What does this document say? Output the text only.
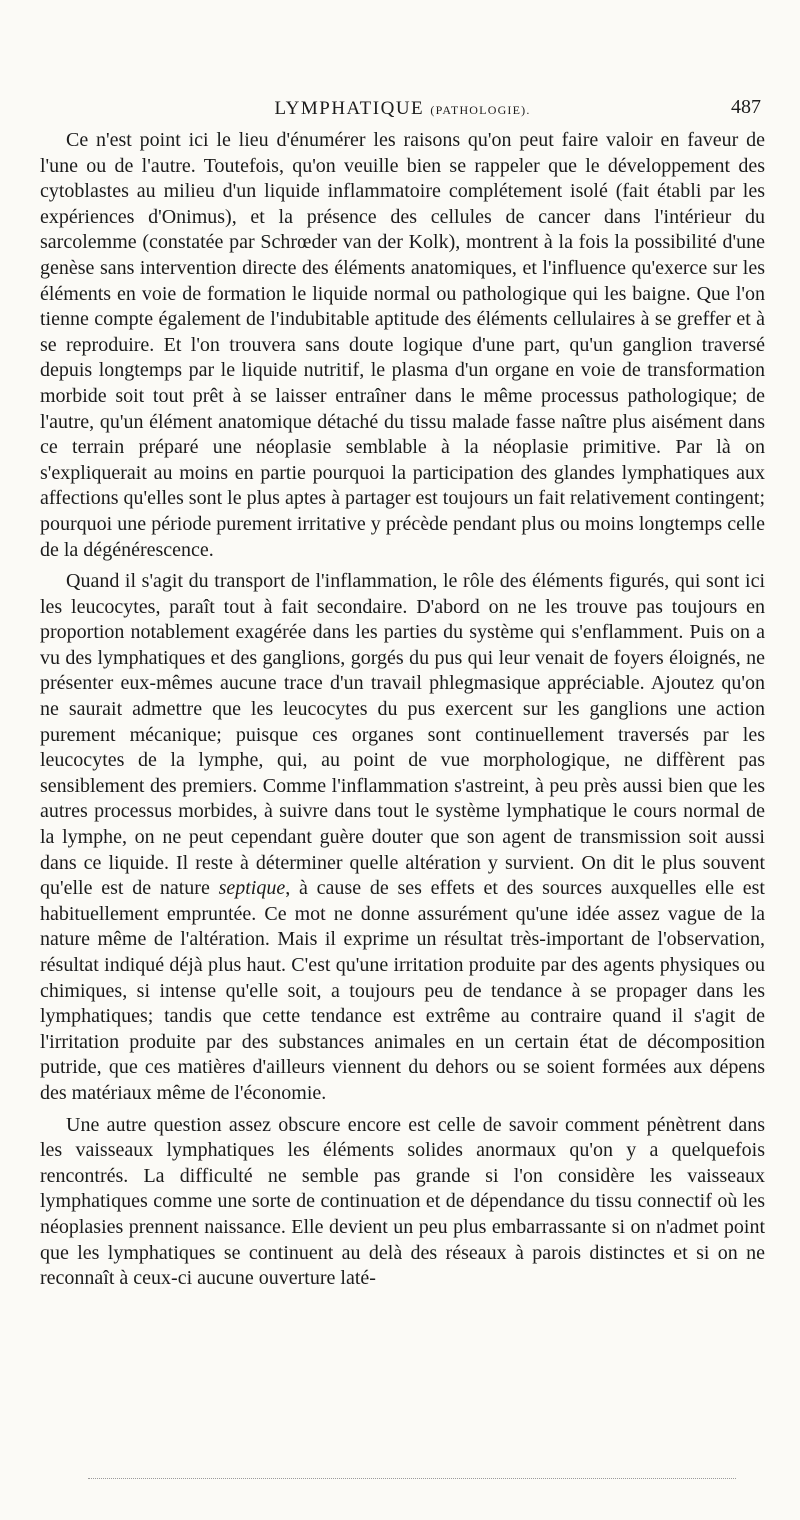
LYMPHATIQUE (PATHOLOGIE).	487

Ce n'est point ici le lieu d'énumérer les raisons qu'on peut faire valoir en faveur de l'une ou de l'autre. Toutefois, qu'on veuille bien se rappeler que le développement des cytoblastes au milieu d'un liquide inflammatoire complétement isolé (fait établi par les expériences d'Onimus), et la présence des cellules de cancer dans l'intérieur du sarcolemme (constatée par Schrœder van der Kolk), montrent à la fois la possibilité d'une genèse sans intervention directe des éléments anatomiques, et l'influence qu'exerce sur les éléments en voie de formation le liquide normal ou pathologique qui les baigne. Que l'on tienne compte également de l'indubitable aptitude des éléments cellulaires à se greffer et à se reproduire. Et l'on trouvera sans doute logique d'une part, qu'un ganglion traversé depuis longtemps par le liquide nutritif, le plasma d'un organe en voie de transformation morbide soit tout prêt à se laisser entraîner dans le même processus pathologique; de l'autre, qu'un élément anatomique détaché du tissu malade fasse naître plus aisément dans ce terrain préparé une néoplasie semblable à la néoplasie primitive. Par là on s'expliquerait au moins en partie pourquoi la participation des glandes lymphatiques aux affections qu'elles sont le plus aptes à partager est toujours un fait relativement contingent; pourquoi une période purement irritative y précède pendant plus ou moins longtemps celle de la dégénérescence.

Quand il s'agit du transport de l'inflammation, le rôle des éléments figurés, qui sont ici les leucocytes, paraît tout à fait secondaire. D'abord on ne les trouve pas toujours en proportion notablement exagérée dans les parties du système qui s'enflamment. Puis on a vu des lymphatiques et des ganglions, gorgés du pus qui leur venait de foyers éloignés, ne présenter eux-mêmes aucune trace d'un travail phlegmasique appréciable. Ajoutez qu'on ne saurait admettre que les leucocytes du pus exercent sur les ganglions une action purement mécanique; puisque ces organes sont continuellement traversés par les leucocytes de la lymphe, qui, au point de vue morphologique, ne diffèrent pas sensiblement des premiers. Comme l'inflammation s'astreint, à peu près aussi bien que les autres processus morbides, à suivre dans tout le système lymphatique le cours normal de la lymphe, on ne peut cependant guère douter que son agent de transmission soit aussi dans ce liquide. Il reste à déterminer quelle altération y survient. On dit le plus souvent qu'elle est de nature septique, à cause de ses effets et des sources auxquelles elle est habituellement empruntée. Ce mot ne donne assurément qu'une idée assez vague de la nature même de l'altération. Mais il exprime un résultat très-important de l'observation, résultat indiqué déjà plus haut. C'est qu'une irritation produite par des agents physiques ou chimiques, si intense qu'elle soit, a toujours peu de tendance à se propager dans les lymphatiques; tandis que cette tendance est extrême au contraire quand il s'agit de l'irritation produite par des substances animales en un certain état de décomposition putride, que ces matières d'ailleurs viennent du dehors ou se soient formées aux dépens des matériaux même de l'économie.

Une autre question assez obscure encore est celle de savoir comment pénètrent dans les vaisseaux lymphatiques les éléments solides anormaux qu'on y a quelquefois rencontrés. La difficulté ne semble pas grande si l'on considère les vaisseaux lymphatiques comme une sorte de continuation et de dépendance du tissu connectif où les néoplasies prennent naissance. Elle devient un peu plus embarrassante si on n'admet point que les lymphatiques se continuent au delà des réseaux à parois distinctes et si on ne reconnaît à ceux-ci aucune ouverture laté-
